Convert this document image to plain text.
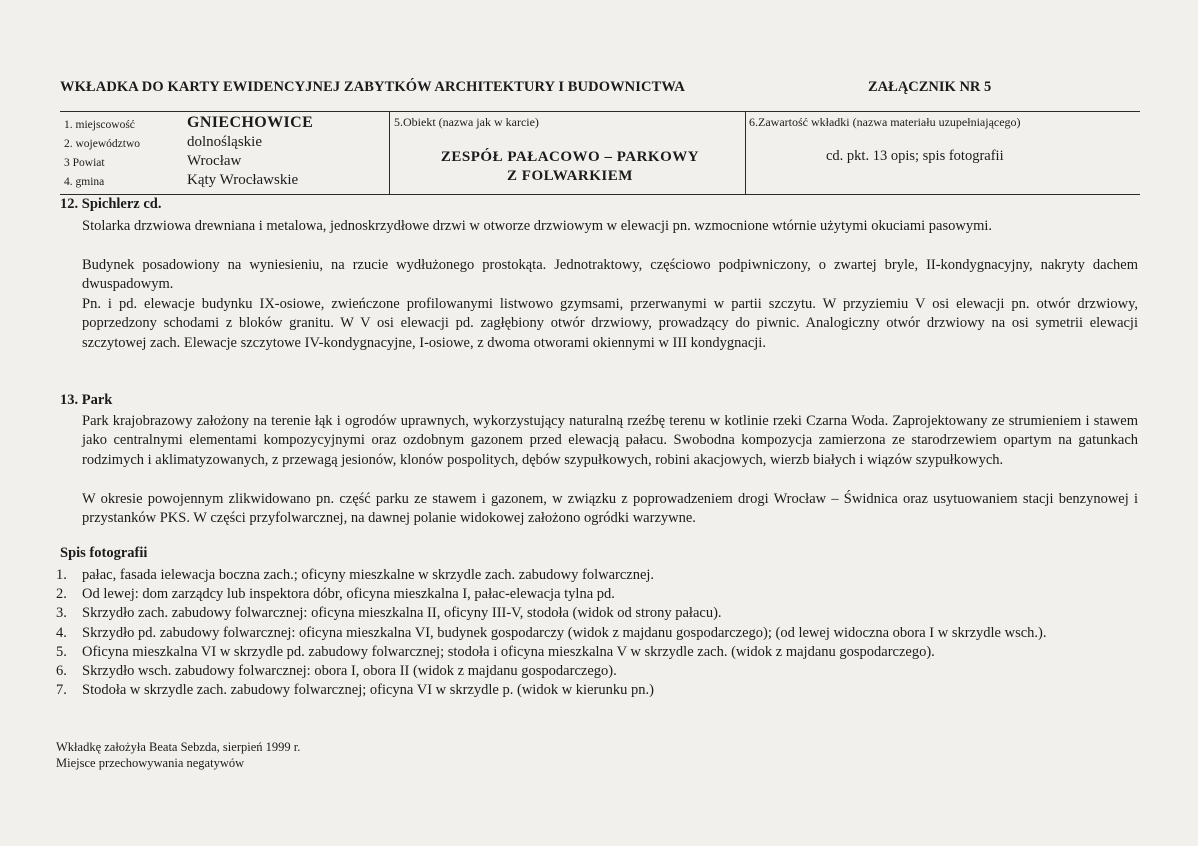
WKŁADKA DO KARTY EWIDENCYJNEJ ZABYTKÓW ARCHITEKTURY I BUDOWNICTWA	ZAŁĄCZNIK NR 5
1. miejscowość	GNIECHOWICE
2. województwo	dolnośląskie
3 Powiat	Wrocław
4. gmina	Kąty Wrocławskie
5.Obiekt (nazwa jak w karcie)
ZESPÓŁ PAŁACOWO – PARKOWY
Z FOLWARKIEM
6.Zawartość wkładki (nazwa materiału uzupełniającego)
cd. pkt. 13 opis; spis fotografii
12. Spichlerz cd.
Stolarka drzwiowa drewniana i metalowa, jednoskrzydłowe drzwi w otworze drzwiowym w elewacji pn. wzmocnione wtórnie użytymi okuciami pasowymi.
Budynek posadowiony na wyniesieniu, na rzucie wydłużonego prostokąta. Jednotraktowy, częściowo podpiwniczony, o zwartej bryle, II-kondygnacyjny, nakryty dachem dwuspadowym.
Pn. i pd. elewacje budynku IX-osiowe, zwieńczone profilowanymi listwowo gzymsami, przerwanymi w partii szczytu. W przyziemiu V osi elewacji pn. otwór drzwiowy, poprzedzony schodami z bloków granitu. W V osi elewacji pd. zagłębiony otwór drzwiowy, prowadzący do piwnic. Analogiczny otwór drzwiowy na osi symetrii elewacji szczytowej zach. Elewacje szczytowe IV-kondygnacyjne, I-osiowe, z dwoma otworami okiennymi w III kondygnacji.
13. Park
Park krajobrazowy założony na terenie łąk i ogrodów uprawnych, wykorzystujący naturalną rzeźbę terenu w kotlinie rzeki Czarna Woda. Zaprojektowany ze strumieniem i stawem jako centralnymi elementami kompozycyjnymi oraz ozdobnym gazonem przed elewacją pałacu. Swobodna kompozycja zamierzona ze starodrzewiem opartym na gatunkach rodzimych i aklimatyzowanych, z przewagą jesionów, klonów pospolitych, dębów szypułkowych, robini akacjowych, wierzb białych i wiązów szypułkowych.
W okresie powojennym zlikwidowano pn. część parku ze stawem i gazonem, w związku z poprowadzeniem drogi Wrocław – Świdnica oraz usytuowaniem stacji benzynowej i przystanków PKS. W części przyfolwarcznej, na dawnej polanie widokowej założono ogródki warzywne.
Spis fotografii
1. pałac, fasada ielewacja boczna zach.; oficyny mieszkalne w skrzydle zach. zabudowy folwarcznej.
2. Od lewej: dom zarządcy lub inspektora dóbr, oficyna mieszkalna I, pałac-elewacja tylna pd.
3. Skrzydło zach. zabudowy folwarcznej: oficyna mieszkalna II, oficyny III-V, stodoła (widok od strony pałacu).
4. Skrzydło pd. zabudowy folwarcznej: oficyna mieszkalna VI, budynek gospodarczy (widok z majdanu gospodarczego); (od lewej widoczna obora I w skrzydle wsch.).
5. Oficyna mieszkalna VI w skrzydle pd. zabudowy folwarcznej; stodoła i oficyna mieszkalna V w skrzydle zach. (widok z majdanu gospodarczego).
6. Skrzydło wsch. zabudowy folwarcznej: obora I, obora II (widok z majdanu gospodarczego).
7. Stodoła w skrzydle zach. zabudowy folwarcznej; oficyna VI w skrzydle p. (widok w kierunku pn.)
Wkładkę założyła Beata Sebzda, sierpień 1999 r.
Miejsce przechowywania negatywów
